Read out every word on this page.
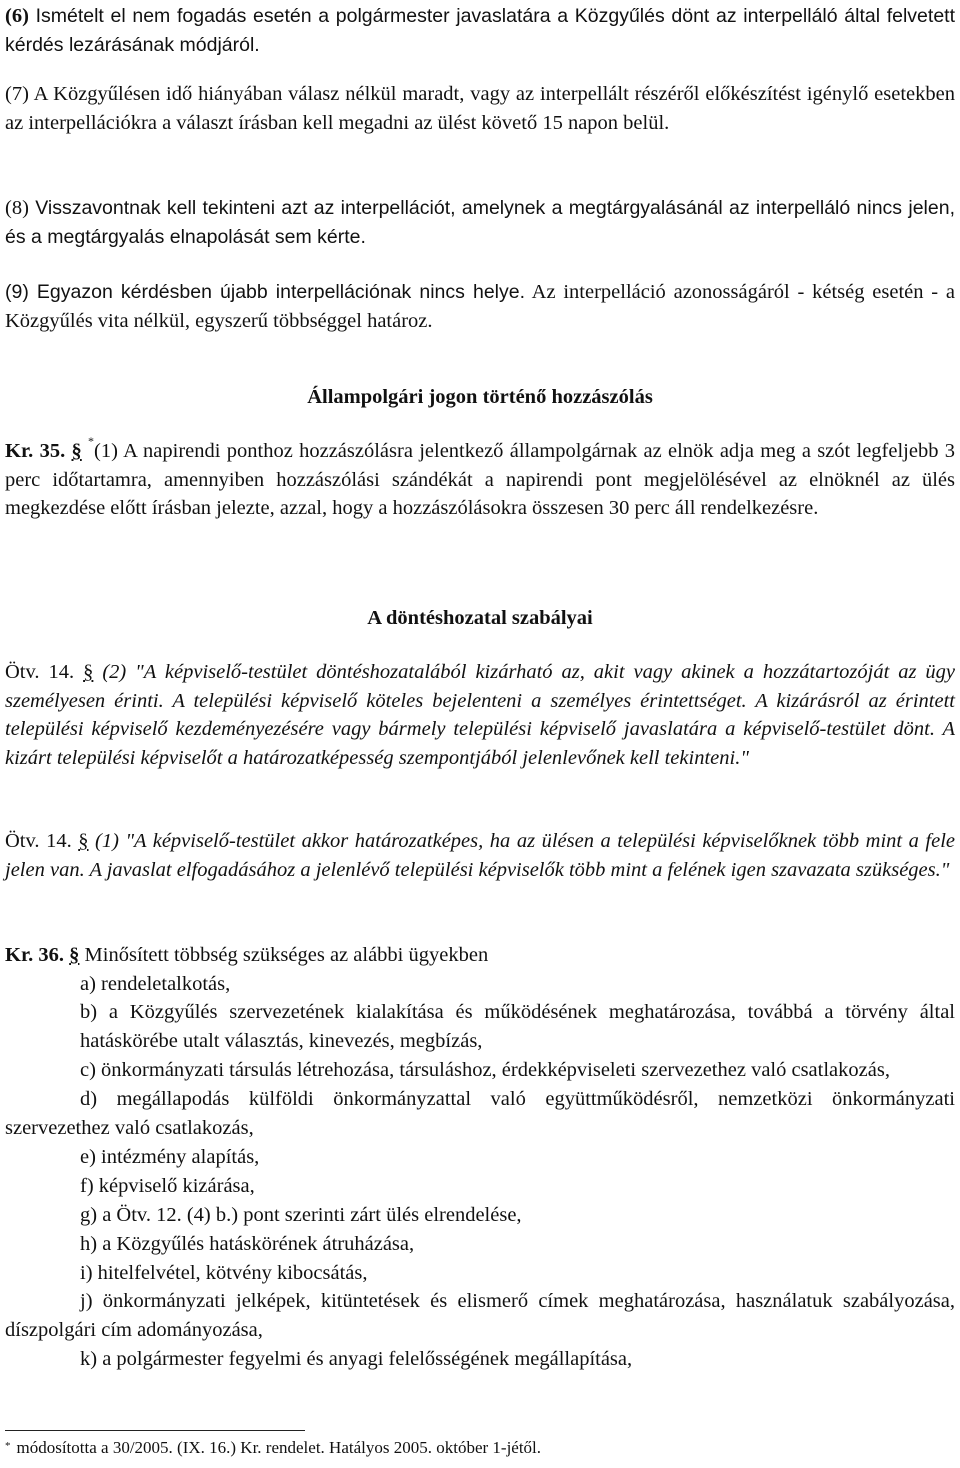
(6) Ismételt el nem fogadás esetén a polgármester javaslatára a Közgyűlés dönt az interpelláló által felvetett kérdés lezárásának módjáról.

(7) A Közgyűlésen idő hiányában válasz nélkül maradt, vagy az interpellált részéről előkészítést igénylő esetekben az interpellációkra a választ írásban kell megadni az ülést követő 15 napon belül.

(8) Visszavontnak kell tekinteni azt az interpellációt, amelynek a megtárgyalásánál az interpelláló nincs jelen, és a megtárgyalás elnapolását sem kérte.

(9) Egyazon kérdésben újabb interpellációnak nincs helye. Az interpelláció azonosságáról - kétség esetén - a Közgyűlés vita nélkül, egyszerű többséggel határoz.

Állampolgári jogon történő hozzászólás

Kr. 35. § *(1) A napirendi ponthoz hozzászólásra jelentkező állampolgárnak az elnök adja meg a szót legfeljebb 3 perc időtartamra, amennyiben hozzászólási szándékát a napirendi pont megjelölésével az elnöknél az ülés megkezdése előtt írásban jelezte, azzal, hogy a hozzászólásokra összesen 30 perc áll rendelkezésre.

A döntéshozatal szabályai

Ötv. 14. § (2) "A képviselő-testület döntéshozatalából kizárható az, akit vagy akinek a hozzátartozóját az ügy személyesen érinti. A települési képviselő köteles bejelenteni a személyes érintettséget. A kizárásról az érintett települési képviselő kezdeményezésére vagy bármely települési képviselő javaslatára a képviselő-testület dönt. A kizárt települési képviselőt a határozatképesség szempontjából jelenlevőnek kell tekinteni."

Ötv. 14. § (1) "A képviselő-testület akkor határozatképes, ha az ülésen a települési képviselőknek több mint a fele jelen van. A javaslat elfogadásához a jelenlévő települési képviselők több mint a felének igen szavazata szükséges."

Kr. 36. § Minősített többség szükséges az alábbi ügyekben

a) rendeletalkotás,

b) a Közgyűlés szervezetének kialakítása és működésének meghatározása, továbbá a törvény által hatáskörébe utalt választás, kinevezés, megbízás,

c) önkormányzati társulás létrehozása, társuláshoz, érdekképviseleti szervezethez való csatlakozás,

d) megállapodás külföldi önkormányzattal való együttműködésről, nemzetközi önkormányzati szervezethez való csatlakozás,

e) intézmény alapítás,

f) képviselő kizárása,

g) a Ötv. 12. (4) b.) pont szerinti zárt ülés elrendelése,

h) a Közgyűlés hatáskörének átruházása,

i) hitelfelvétel, kötvény kibocsátás,

j) önkormányzati jelképek, kitüntetések és elismerő címek meghatározása, használatuk szabályozása, díszpolgári cím adományozása,

k) a polgármester fegyelmi és anyagi felelősségének megállapítása,

* módosította a 30/2005. (IX. 16.) Kr. rendelet. Hatályos 2005. október 1-jétől.
